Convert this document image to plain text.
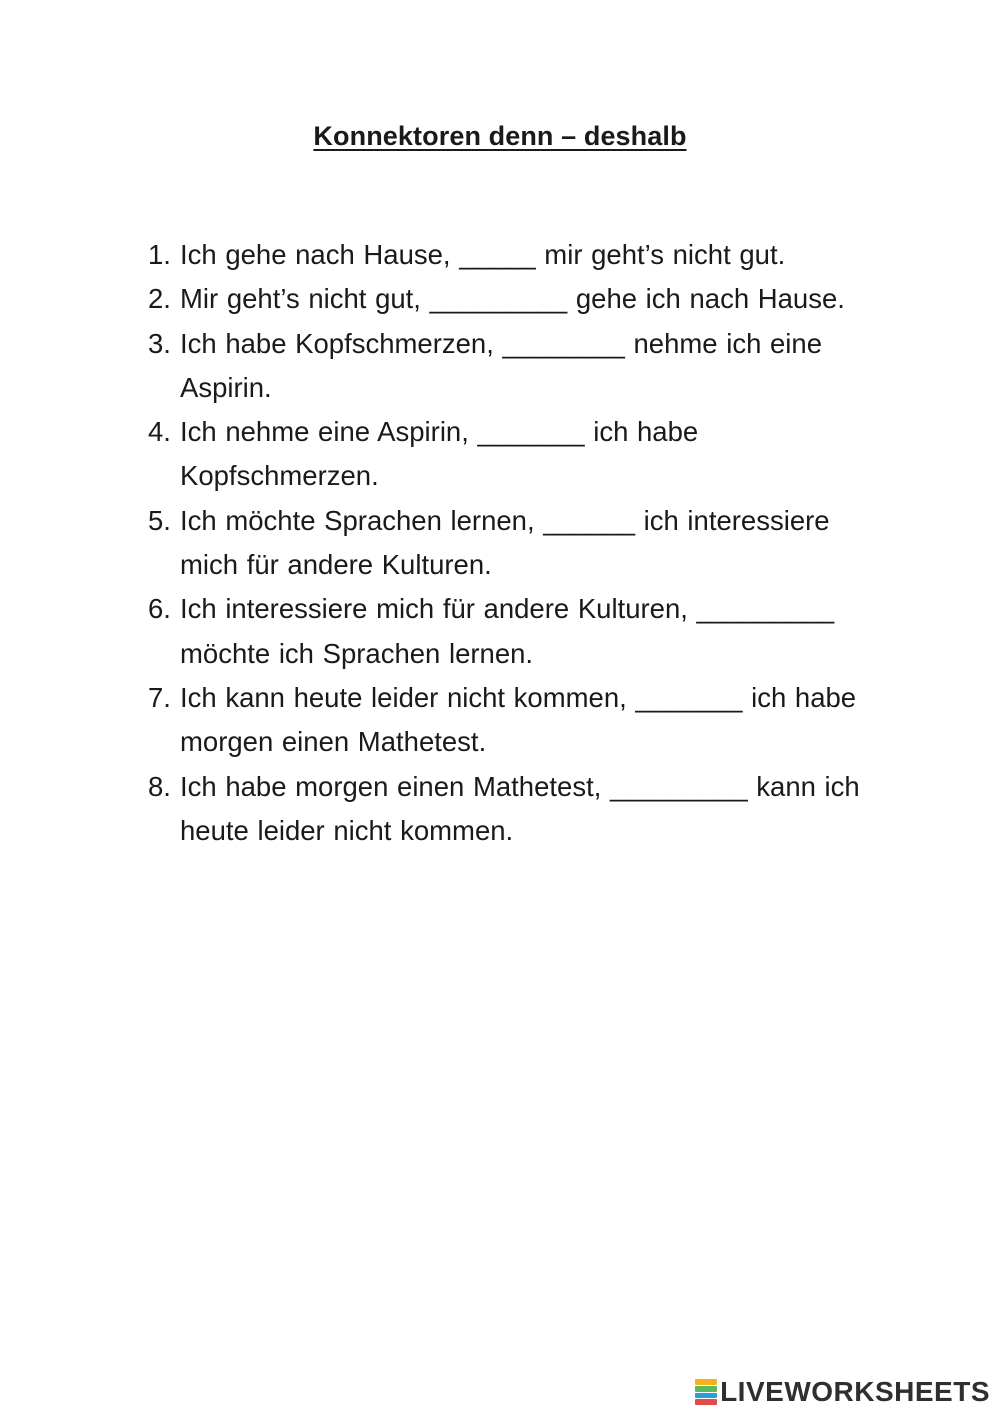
Konnektoren denn – deshalb
1. Ich gehe nach Hause, _____ mir geht’s nicht gut.
2. Mir geht’s nicht gut, _________ gehe ich nach Hause.
3. Ich habe Kopfschmerzen, ________ nehme ich eine Aspirin.
4. Ich nehme eine Aspirin, _______ ich habe Kopfschmerzen.
5. Ich möchte Sprachen lernen, ______ ich interessiere mich für andere Kulturen.
6. Ich interessiere mich für andere Kulturen, _________ möchte ich Sprachen lernen.
7. Ich kann heute leider nicht kommen, _______ ich habe morgen einen Mathetest.
8. Ich habe morgen einen Mathetest, _________ kann ich heute leider nicht kommen.
LIVEWORKSHEETS
